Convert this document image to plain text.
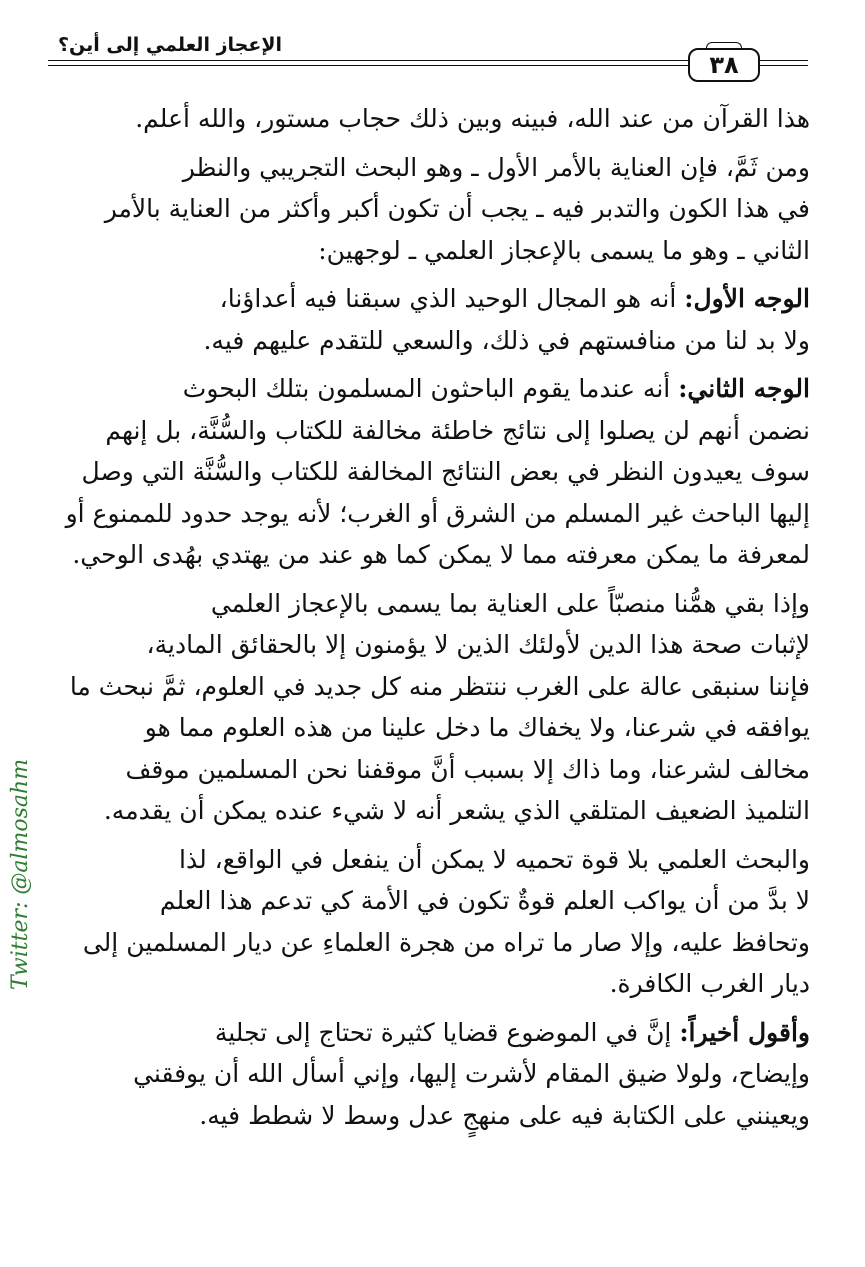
الإعجاز العلمي إلى أين؟
٣٨

هذا القرآن من عند الله، فبينه وبين ذلك حجاب مستور، والله أعلم.

ومن ثَمَّ، فإن العناية بالأمر الأول ـ وهو البحث التجريبي والنظر
في هذا الكون والتدبر فيه ـ يجب أن تكون أكبر وأكثر من العناية بالأمر
الثاني ـ وهو ما يسمى بالإعجاز العلمي ـ لوجهين:

الوجه الأول: أنه هو المجال الوحيد الذي سبقنا فيه أعداؤنا،
ولا بد لنا من منافستهم في ذلك، والسعي للتقدم عليهم فيه.

الوجه الثاني: أنه عندما يقوم الباحثون المسلمون بتلك البحوث
نضمن أنهم لن يصلوا إلى نتائج خاطئة مخالفة للكتاب والسُّنَّة، بل إنهم
سوف يعيدون النظر في بعض النتائج المخالفة للكتاب والسُّنَّة التي وصل
إليها الباحث غير المسلم من الشرق أو الغرب؛ لأنه يوجد حدود للممنوع أو
لمعرفة ما يمكن معرفته مما لا يمكن كما هو عند من يهتدي بهُدى الوحي.

وإذا بقي همُّنا منصبّاً على العناية بما يسمى بالإعجاز العلمي
لإثبات صحة هذا الدين لأولئك الذين لا يؤمنون إلا بالحقائق المادية،
فإننا سنبقى عالة على الغرب ننتظر منه كل جديد في العلوم، ثمَّ نبحث ما
يوافقه في شرعنا، ولا يخفاك ما دخل علينا من هذه العلوم مما هو
مخالف لشرعنا، وما ذاك إلا بسبب أنَّ موقفنا نحن المسلمين موقف
التلميذ الضعيف المتلقي الذي يشعر أنه لا شيء عنده يمكن أن يقدمه.

والبحث العلمي بلا قوة تحميه لا يمكن أن ينفعل في الواقع، لذا
لا بدَّ من أن يواكب العلم قوةٌ تكون في الأمة كي تدعم هذا العلم
وتحافظ عليه، وإلا صار ما تراه من هجرة العلماءِ عن ديار المسلمين إلى
ديار الغرب الكافرة.

وأقول أخيراً: إنَّ في الموضوع قضايا كثيرة تحتاج إلى تجلية
وإيضاح، ولولا ضيق المقام لأشرت إليها، وإني أسأل الله أن يوفقني
ويعينني على الكتابة فيه على منهجٍ عدل وسط لا شطط فيه.

Twitter: @almosahm
